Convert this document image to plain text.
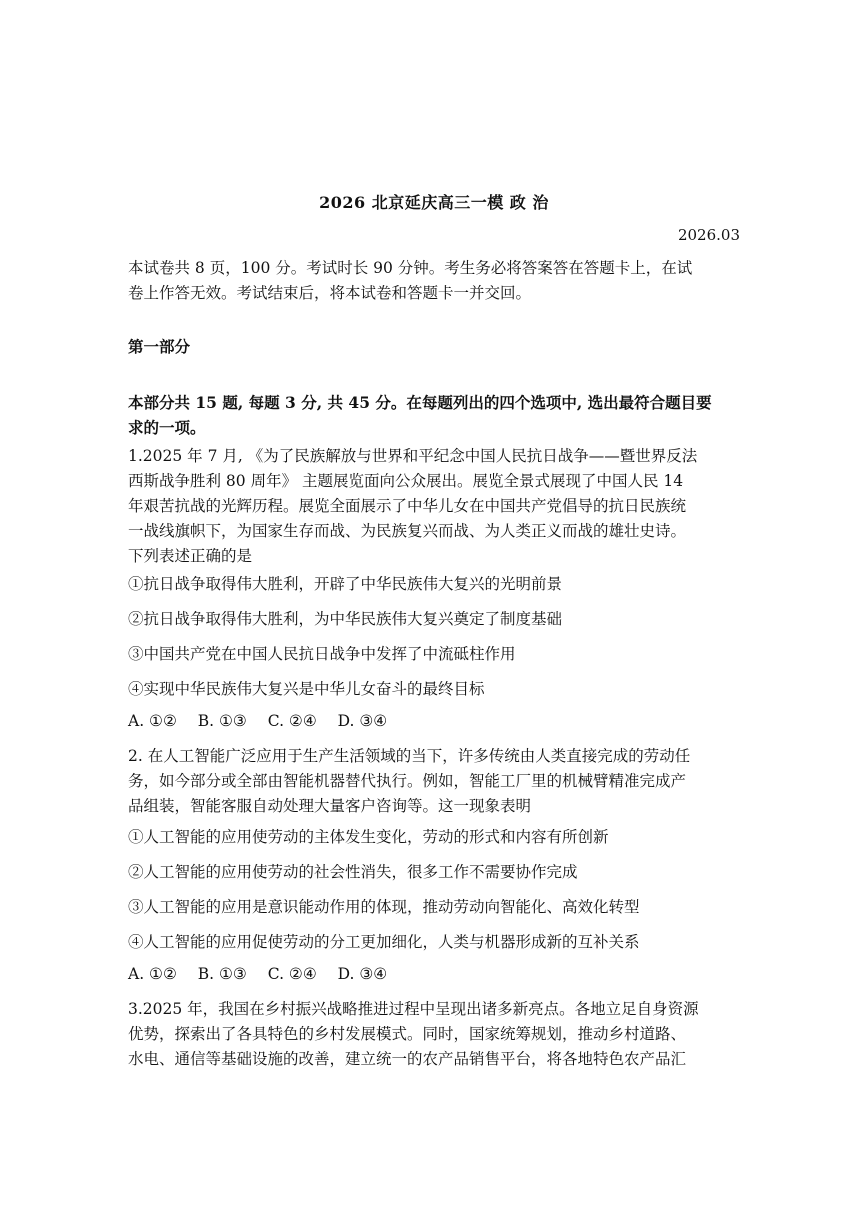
2026 北京延庆高三一模 政 治
2026.03
本试卷共 8 页，100 分。考试时长 90 分钟。考生务必将答案答在答题卡上，在试
卷上作答无效。考试结束后，将本试卷和答题卡一并交回。
第一部分
本部分共 15 题, 每题 3 分, 共 45 分。在每题列出的四个选项中, 选出最符合题目要
求的一项。
1.2025 年 7 月, 《为了民族解放与世界和平纪念中国人民抗日战争——暨世界反法
西斯战争胜利 80 周年》 主题展览面向公众展出。展览全景式展现了中国人民 14
年艰苦抗战的光辉历程。展览全面展示了中华儿女在中国共产党倡导的抗日民族统
一战线旗帜下，为国家生存而战、为民族复兴而战、为人类正义而战的雄壮史诗。
下列表述正确的是
①抗日战争取得伟大胜利，开辟了中华民族伟大复兴的光明前景
②抗日战争取得伟大胜利，为中华民族伟大复兴奠定了制度基础
③中国共产党在中国人民抗日战争中发挥了中流砥柱作用
④实现中华民族伟大复兴是中华儿女奋斗的最终目标
A. ①② B. ①③ C. ②④ D. ③④
2. 在人工智能广泛应用于生产生活领域的当下，许多传统由人类直接完成的劳动任
务，如今部分或全部由智能机器替代执行。例如，智能工厂里的机械臂精准完成产
品组装，智能客服自动处理大量客户咨询等。这一现象表明
①人工智能的应用使劳动的主体发生变化，劳动的形式和内容有所创新
②人工智能的应用使劳动的社会性消失，很多工作不需要协作完成
③人工智能的应用是意识能动作用的体现，推动劳动向智能化、高效化转型
④人工智能的应用促使劳动的分工更加细化，人类与机器形成新的互补关系
A. ①② B. ①③ C. ②④ D. ③④
3.2025 年，我国在乡村振兴战略推进过程中呈现出诸多新亮点。各地立足自身资源
优势，探索出了各具特色的乡村发展模式。同时，国家统筹规划，推动乡村道路、
水电、通信等基础设施的改善，建立统一的农产品销售平台，将各地特色农产品汇
